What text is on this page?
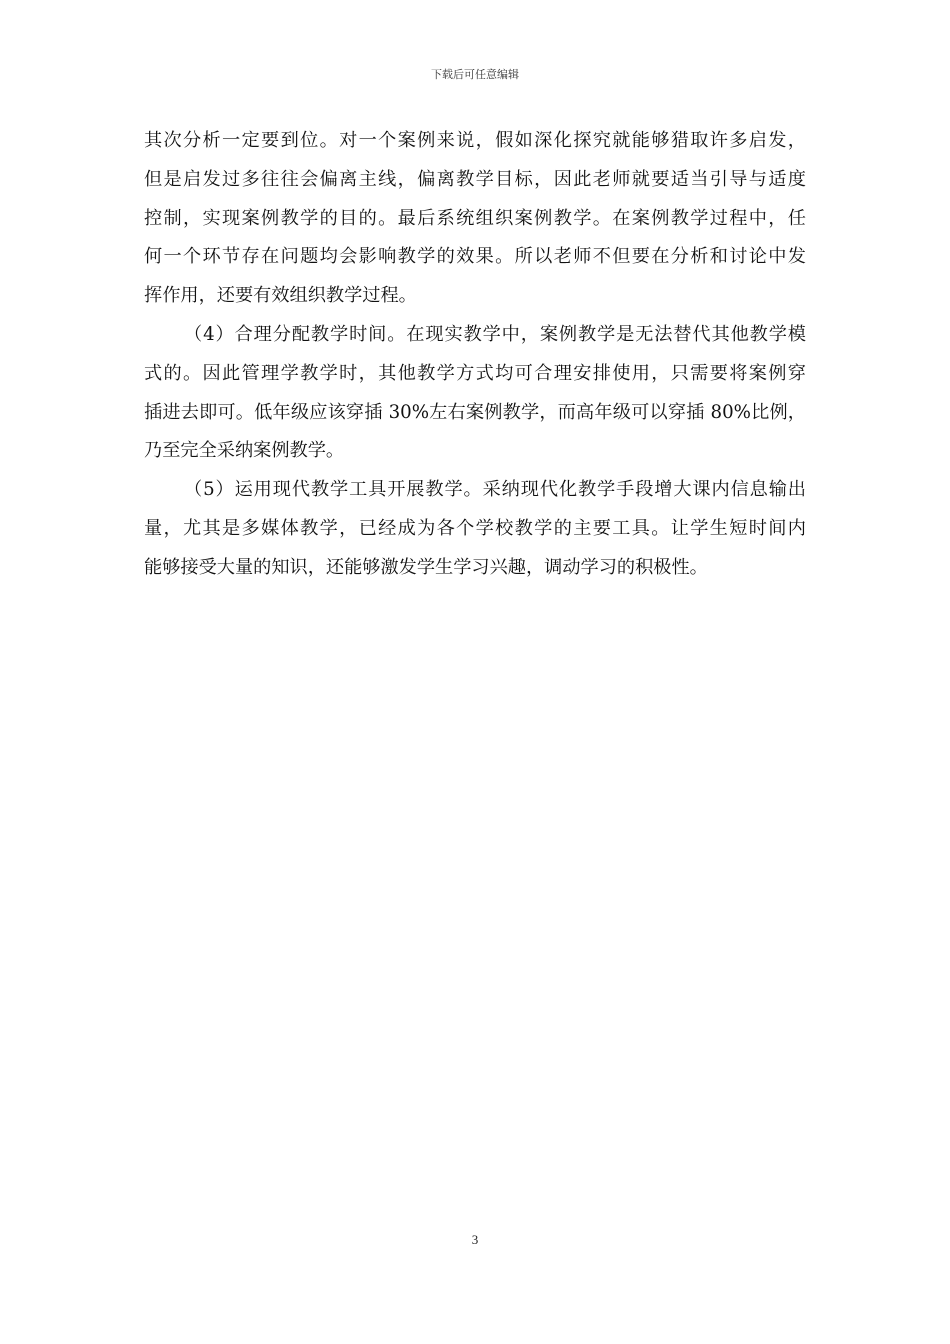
下载后可任意编辑
其次分析一定要到位。对一个案例来说，假如深化探究就能够猎取许多启发，
但是启发过多往往会偏离主线，偏离教学目标，因此老师就要适当引导与适度
控制，实现案例教学的目的。最后系统组织案例教学。在案例教学过程中，任
何一个环节存在问题均会影响教学的效果。所以老师不但要在分析和讨论中发
挥作用，还要有效组织教学过程。
（4）合理分配教学时间。在现实教学中，案例教学是无法替代其他教学模
式的。因此管理学教学时，其他教学方式均可合理安排使用，只需要将案例穿
插进去即可。低年级应该穿插 30%左右案例教学，而高年级可以穿插 80%比例，
乃至完全采纳案例教学。
（5）运用现代教学工具开展教学。采纳现代化教学手段增大课内信息输出
量，尤其是多媒体教学，已经成为各个学校教学的主要工具。让学生短时间内
能够接受大量的知识，还能够激发学生学习兴趣，调动学习的积极性。
3
